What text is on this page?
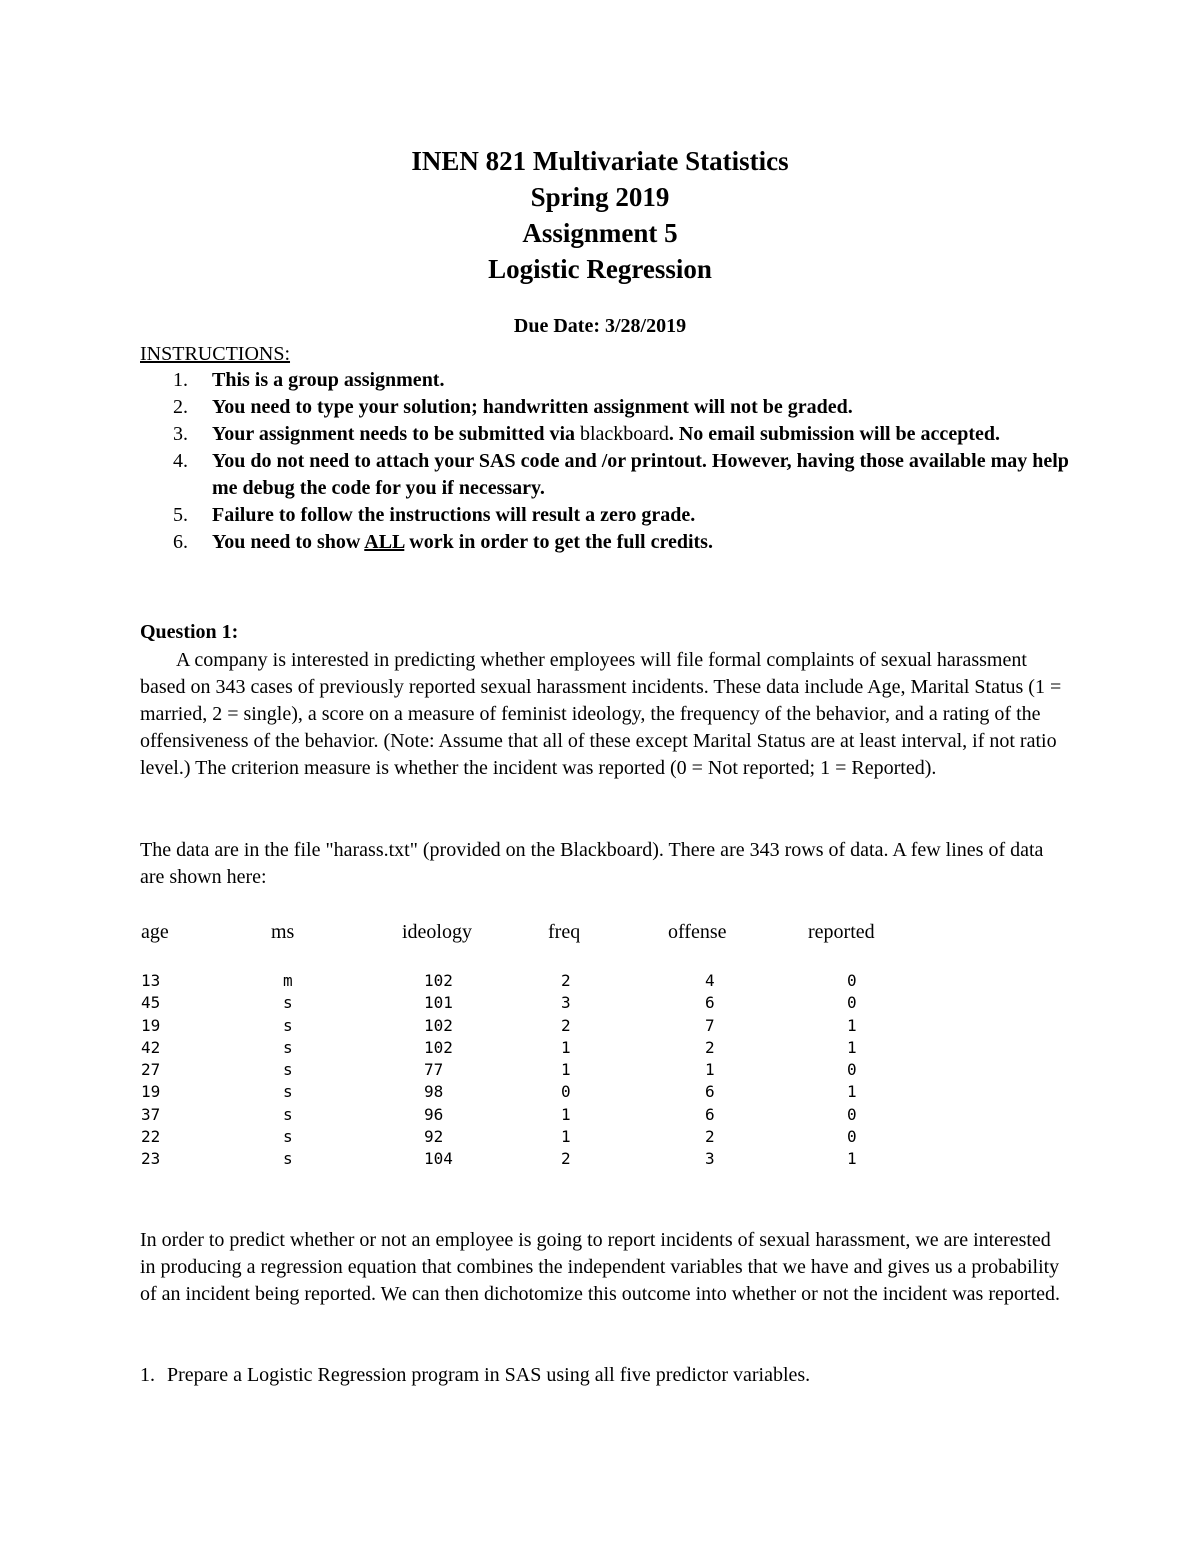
INEN 821 Multivariate Statistics
Spring 2019
Assignment 5
Logistic Regression
Due Date: 3/28/2019
INSTRUCTIONS:
1. This is a group assignment.
2. You need to type your solution; handwritten assignment will not be graded.
3. Your assignment needs to be submitted via blackboard. No email submission will be accepted.
4. You do not need to attach your SAS code and /or printout. However, having those available may help me debug the code for you if necessary.
5. Failure to follow the instructions will result a zero grade.
6. You need to show ALL work in order to get the full credits.
Question 1:
A company is interested in predicting whether employees will file formal complaints of sexual harassment based on 343 cases of previously reported sexual harassment incidents. These data include Age, Marital Status (1 = married, 2 = single), a score on a measure of feminist ideology, the frequency of the behavior, and a rating of the offensiveness of the behavior. (Note: Assume that all of these except Marital Status are at least interval, if not ratio level.) The criterion measure is whether the incident was reported (0 = Not reported; 1 = Reported).
The data are in the file "harass.txt" (provided on the Blackboard). There are 343 rows of data. A few lines of data are shown here:
age	ms	ideology	freq	offense	reported
13	m	102	2	4	0
45	s	101	3	6	0
19	s	102	2	7	1
42	s	102	1	2	1
27	s	77	1	1	0
19	s	98	0	6	1
37	s	96	1	6	0
22	s	92	1	2	0
23	s	104	2	3	1
In order to predict whether or not an employee is going to report incidents of sexual harassment, we are interested in producing a regression equation that combines the independent variables that we have and gives us a probability of an incident being reported. We can then dichotomize this outcome into whether or not the incident was reported.
1. Prepare a Logistic Regression program in SAS using all five predictor variables.
